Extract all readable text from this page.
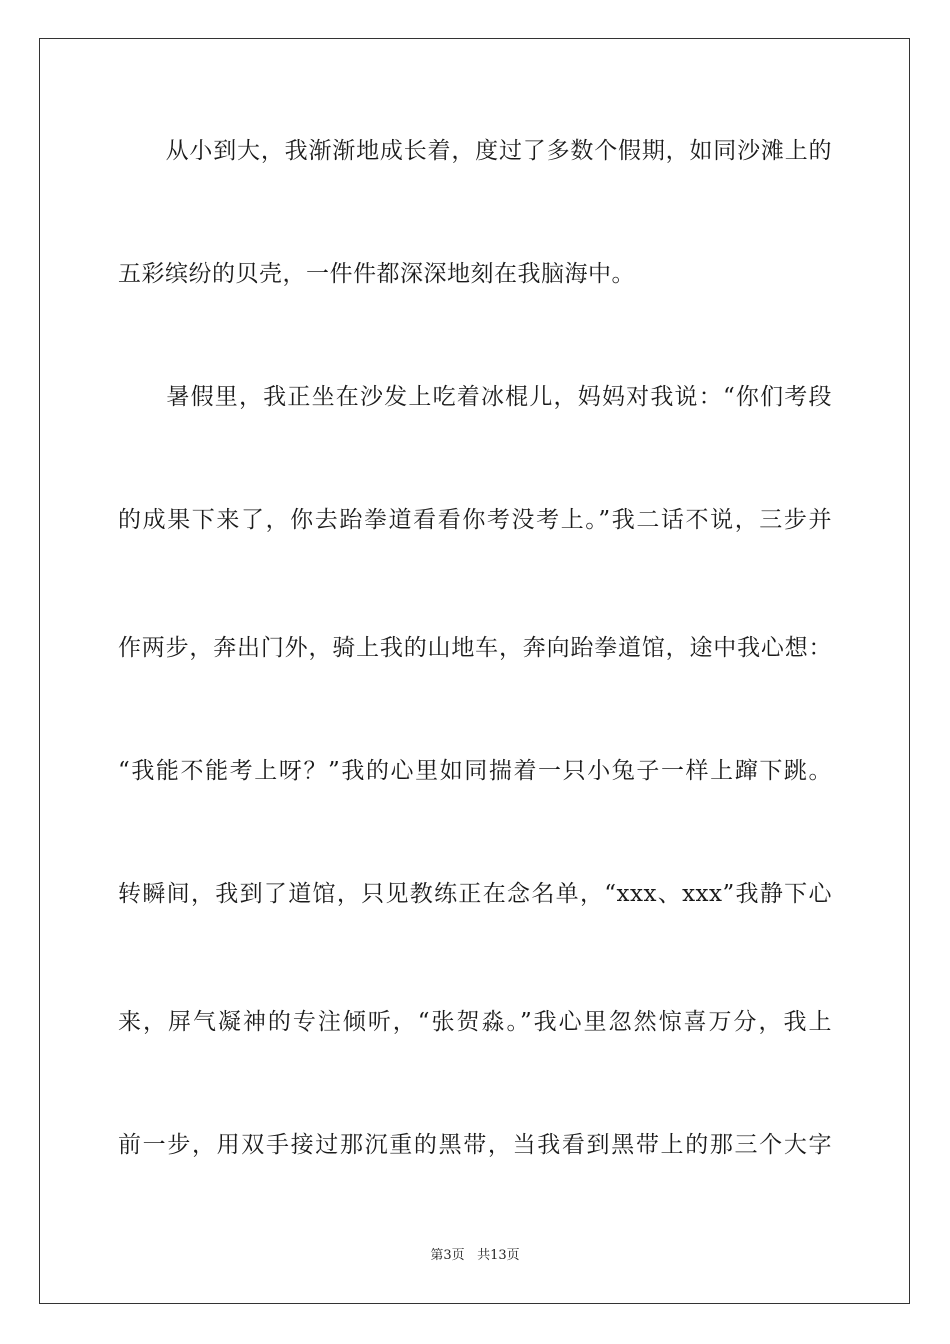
　　从小到大，我渐渐地成长着，度过了多数个假期，如同沙滩上的
五彩缤纷的贝壳，一件件都深深地刻在我脑海中。
　　暑假里，我正坐在沙发上吃着冰棍儿，妈妈对我说：“你们考段
的成果下来了，你去跆拳道看看你考没考上。”我二话不说，三步并
作两步，奔出门外，骑上我的山地车，奔向跆拳道馆，途中我心想：
“我能不能考上呀？”我的心里如同揣着一只小兔子一样上蹿下跳。
转瞬间，我到了道馆，只见教练正在念名单，“xxx、xxx”我静下心
来，屏气凝神的专注倾听，“张贺淼。”我心里忽然惊喜万分，我上
前一步，用双手接过那沉重的黑带，当我看到黑带上的那三个大字
第3页 共13页
